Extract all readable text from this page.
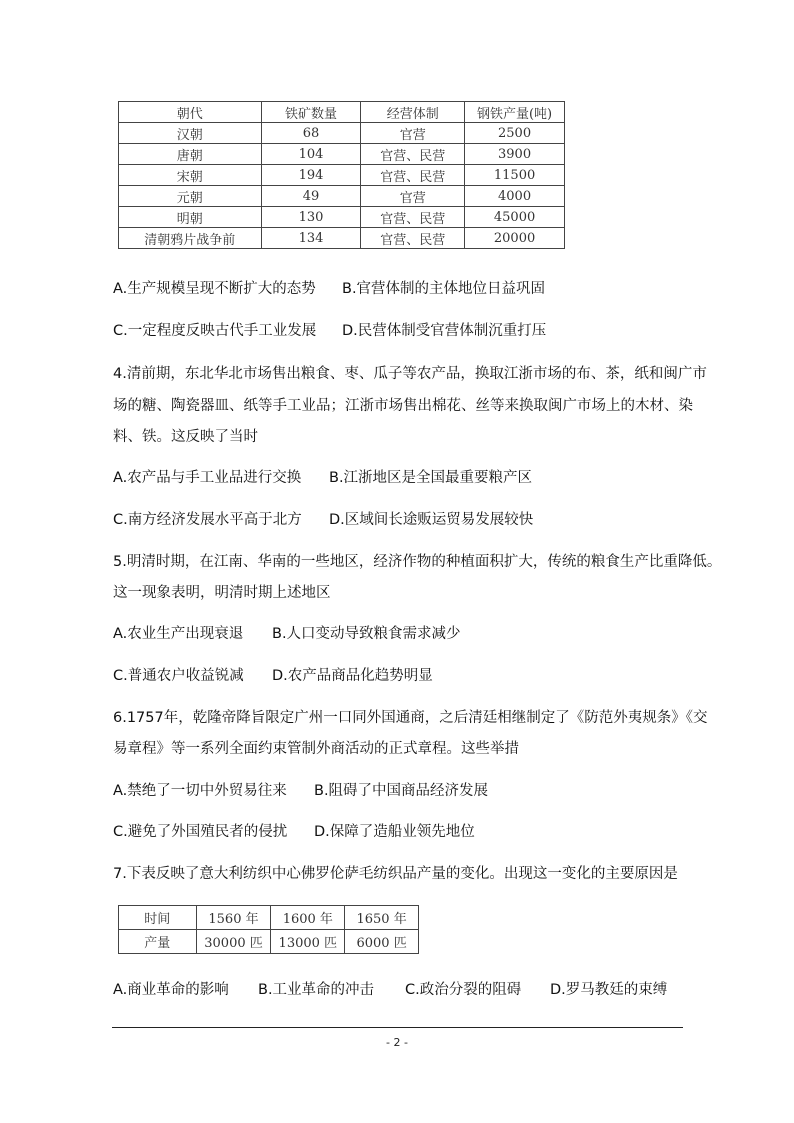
朝代	铁矿数量	经营体制	钢铁产量(吨)
汉朝	68	官营	2500
唐朝	104	官营、民营	3900
宋朝	194	官营、民营	11500
元朝	49	官营	4000
明朝	130	官营、民营	45000
清朝鸦片战争前	134	官营、民营	20000
A.生产规模呈现不断扩大的态势 B.官营体制的主体地位日益巩固
C.一定程度反映古代手工业发展 D.民营体制受官营体制沉重打压
4.清前期，东北华北市场售出粮食、枣、瓜子等农产品，换取江浙市场的布、茶，纸和闽广市
场的糖、陶瓷器皿、纸等手工业品；江浙市场售出棉花、丝等来换取闽广市场上的木材、染
料、铁。这反映了当时
A.农产品与手工业品进行交换 B.江浙地区是全国最重要粮产区
C.南方经济发展水平高于北方 D.区域间长途贩运贸易发展较快
5.明清时期，在江南、华南的一些地区，经济作物的种植面积扩大，传统的粮食生产比重降低。
这一现象表明，明清时期上述地区
A.农业生产出现衰退 B.人口变动导致粮食需求减少
C.普通农户收益锐减 D.农产品商品化趋势明显
6.1757年，乾隆帝降旨限定广州一口同外国通商，之后清廷相继制定了《防范外夷规条》《交
易章程》等一系列全面约束管制外商活动的正式章程。这些举措
A.禁绝了一切中外贸易往来 B.阻碍了中国商品经济发展
C.避免了外国殖民者的侵扰 D.保障了造船业领先地位
7.下表反映了意大利纺织中心佛罗伦萨毛纺织品产量的变化。出现这一变化的主要原因是
时间	1560 年	1600 年	1650 年
产量	30000 匹	13000 匹	6000 匹
A.商业革命的影响 B.工业革命的冲击 C.政治分裂的阻碍 D.罗马教廷的束缚
- 2 -
